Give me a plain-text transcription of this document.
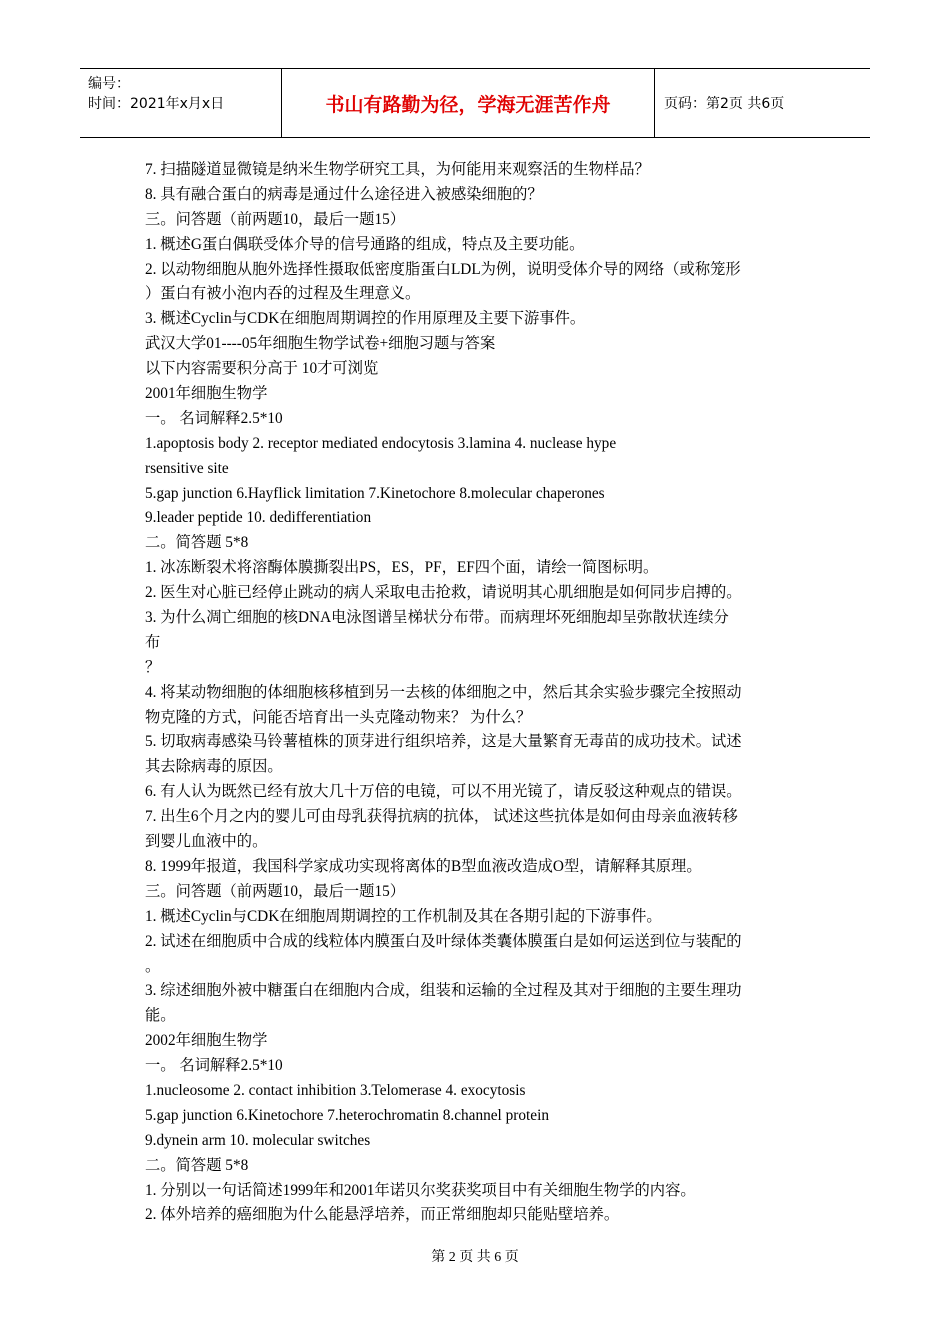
编号：
时间：2021年x月x日	书山有路勤为径，学海无涯苦作舟	页码：第2页 共6页
7. 扫描隧道显微镜是纳米生物学研究工具，为何能用来观察活的生物样品？
8. 具有融合蛋白的病毒是通过什么途径进入被感染细胞的？
三。问答题（前两题10，最后一题15）
1. 概述G蛋白偶联受体介导的信号通路的组成，特点及主要功能。
2. 以动物细胞从胞外选择性摄取低密度脂蛋白LDL为例，说明受体介导的网络（或称笼形
）蛋白有被小泡内吞的过程及生理意义。
3. 概述Cyclin与CDK在细胞周期调控的作用原理及主要下游事件。
武汉大学01----05年细胞生物学试卷+细胞习题与答案
以下内容需要积分高于 10才可浏览
2001年细胞生物学
一。 名词解释2.5*10
1.apoptosis body 2. receptor mediated endocytosis 3.lamina 4. nuclease hype
rsensitive site
5.gap junction 6.Hayflick limitation 7.Kinetochore 8.molecular chaperones
9.leader peptide 10. dedifferentiation
二。简答题 5*8
1. 冰冻断裂术将溶酶体膜撕裂出PS，ES，PF，EF四个面，请绘一简图标明。
2. 医生对心脏已经停止跳动的病人采取电击抢救，请说明其心肌细胞是如何同步启搏的。
3. 为什么凋亡细胞的核DNA电泳图谱呈梯状分布带。而病理坏死细胞却呈弥散状连续分
布
？
4. 将某动物细胞的体细胞核移植到另一去核的体细胞之中，然后其余实验步骤完全按照动
物克隆的方式，问能否培育出一头克隆动物来？ 为什么？
5. 切取病毒感染马铃薯植株的顶芽进行组织培养，这是大量繁育无毒苗的成功技术。试述
其去除病毒的原因。
6. 有人认为既然已经有放大几十万倍的电镜，可以不用光镜了，请反驳这种观点的错误。
7. 出生6个月之内的婴儿可由母乳获得抗病的抗体， 试述这些抗体是如何由母亲血液转移
到婴儿血液中的。
8. 1999年报道，我国科学家成功实现将离体的B型血液改造成O型，请解释其原理。
三。问答题（前两题10，最后一题15）
1. 概述Cyclin与CDK在细胞周期调控的工作机制及其在各期引起的下游事件。
2. 试述在细胞质中合成的线粒体内膜蛋白及叶绿体类囊体膜蛋白是如何运送到位与装配的
。
3. 综述细胞外被中糖蛋白在细胞内合成，组装和运输的全过程及其对于细胞的主要生理功
能。
2002年细胞生物学
一。 名词解释2.5*10
1.nucleosome 2. contact inhibition 3.Telomerase 4. exocytosis
5.gap junction 6.Kinetochore 7.heterochromatin 8.channel protein
9.dynein arm 10. molecular switches
二。简答题 5*8
1. 分别以一句话简述1999年和2001年诺贝尔奖获奖项目中有关细胞生物学的内容。
2. 体外培养的癌细胞为什么能悬浮培养，而正常细胞却只能贴壁培养。
第 2 页 共 6 页
